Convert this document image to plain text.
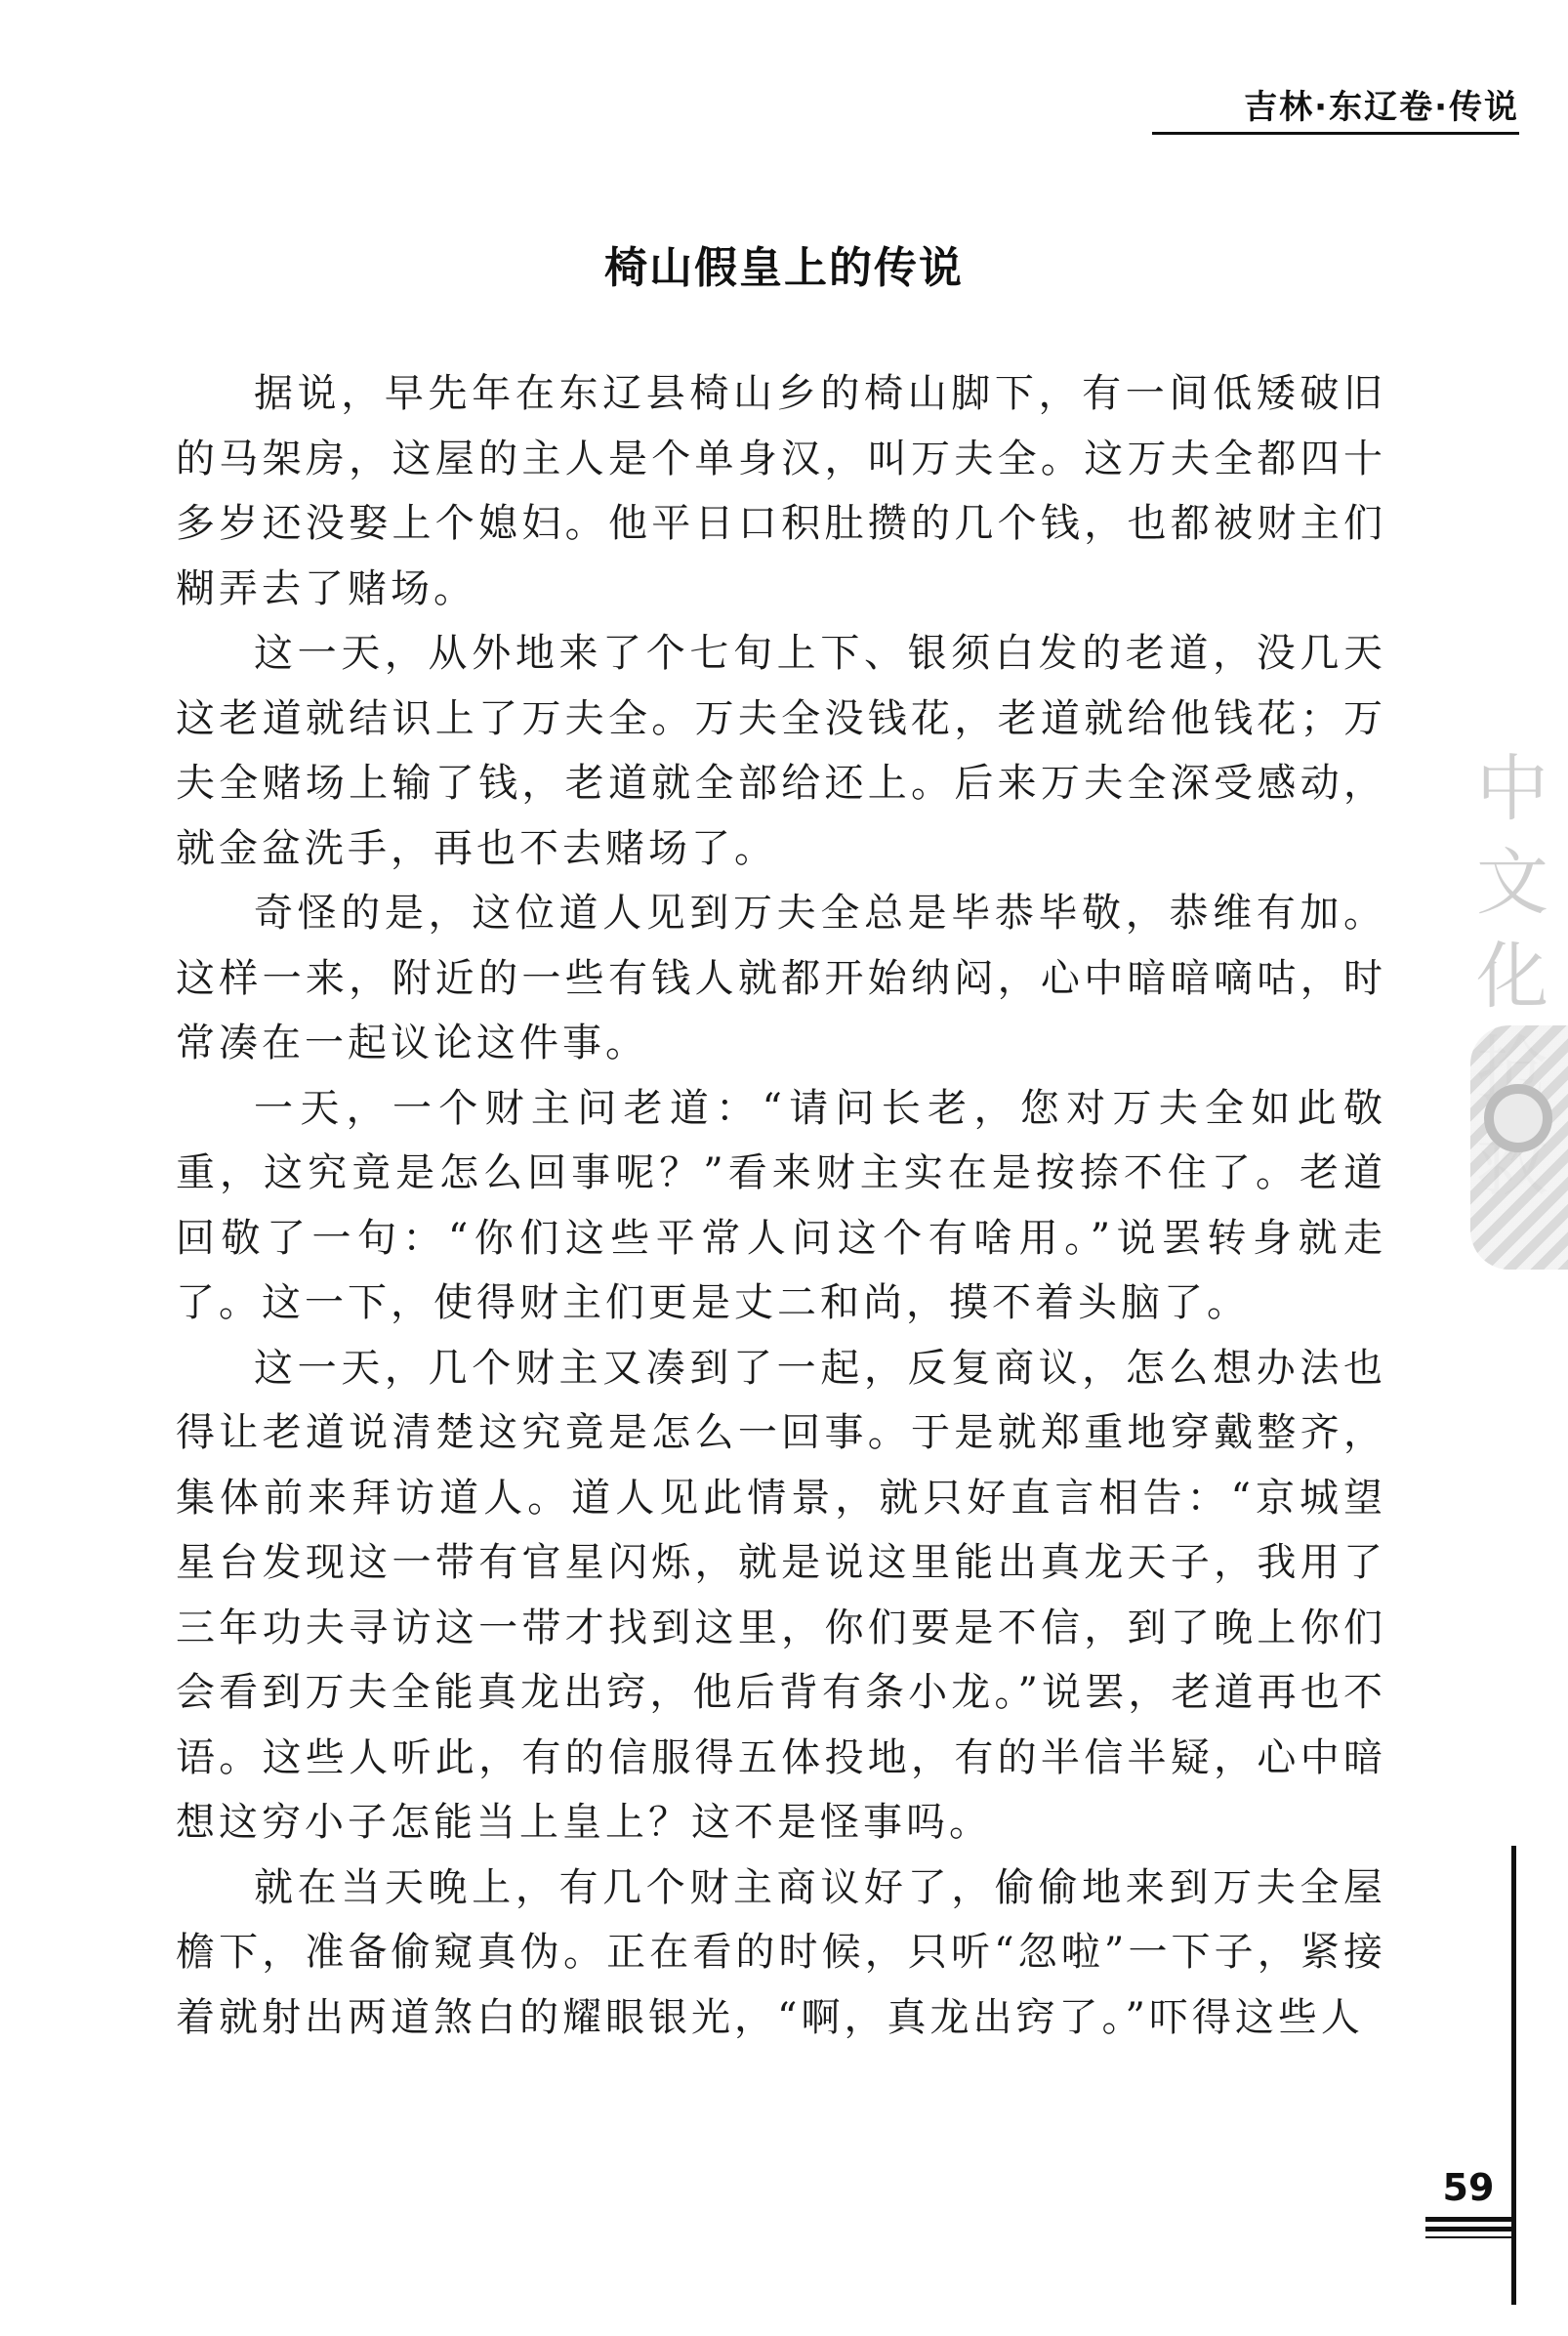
吉林·东辽卷·传说
椅山假皇上的传说

据说，早先年在东辽县椅山乡的椅山脚下，有一间低矮破旧的马架房，这屋的主人是个单身汉，叫万夫全。这万夫全都四十多岁还没娶上个媳妇。他平日口积肚攒的几个钱，也都被财主们糊弄去了赌场。

这一天，从外地来了个七旬上下、银须白发的老道，没几天这老道就结识上了万夫全。万夫全没钱花，老道就给他钱花；万夫全赌场上输了钱，老道就全部给还上。后来万夫全深受感动，就金盆洗手，再也不去赌场了。

奇怪的是，这位道人见到万夫全总是毕恭毕敬，恭维有加。这样一来，附近的一些有钱人就都开始纳闷，心中暗暗嘀咕，时常凑在一起议论这件事。

一天，一个财主问老道：“请问长老，您对万夫全如此敬重，这究竟是怎么回事呢？”看来财主实在是按捺不住了。老道回敬了一句：“你们这些平常人问这个有啥用。”说罢转身就走了。这一下，使得财主们更是丈二和尚，摸不着头脑了。

这一天，几个财主又凑到了一起，反复商议，怎么想办法也得让老道说清楚这究竟是怎么一回事。于是就郑重地穿戴整齐，集体前来拜访道人。道人见此情景，就只好直言相告：“京城望星台发现这一带有官星闪烁，就是说这里能出真龙天子，我用了三年功夫寻访这一带才找到这里，你们要是不信，到了晚上你们会看到万夫全能真龙出窍，他后背有条小龙。”说罢，老道再也不语。这些人听此，有的信服得五体投地，有的半信半疑，心中暗想这穷小子怎能当上皇上？这不是怪事吗。

就在当天晚上，有几个财主商议好了，偷偷地来到万夫全屋檐下，准备偷窥真伪。正在看的时候，只听“忽啦”一下子，紧接着就射出两道煞白的耀眼银光，“啊，真龙出窍了。”吓得这些人

中
文化
59
